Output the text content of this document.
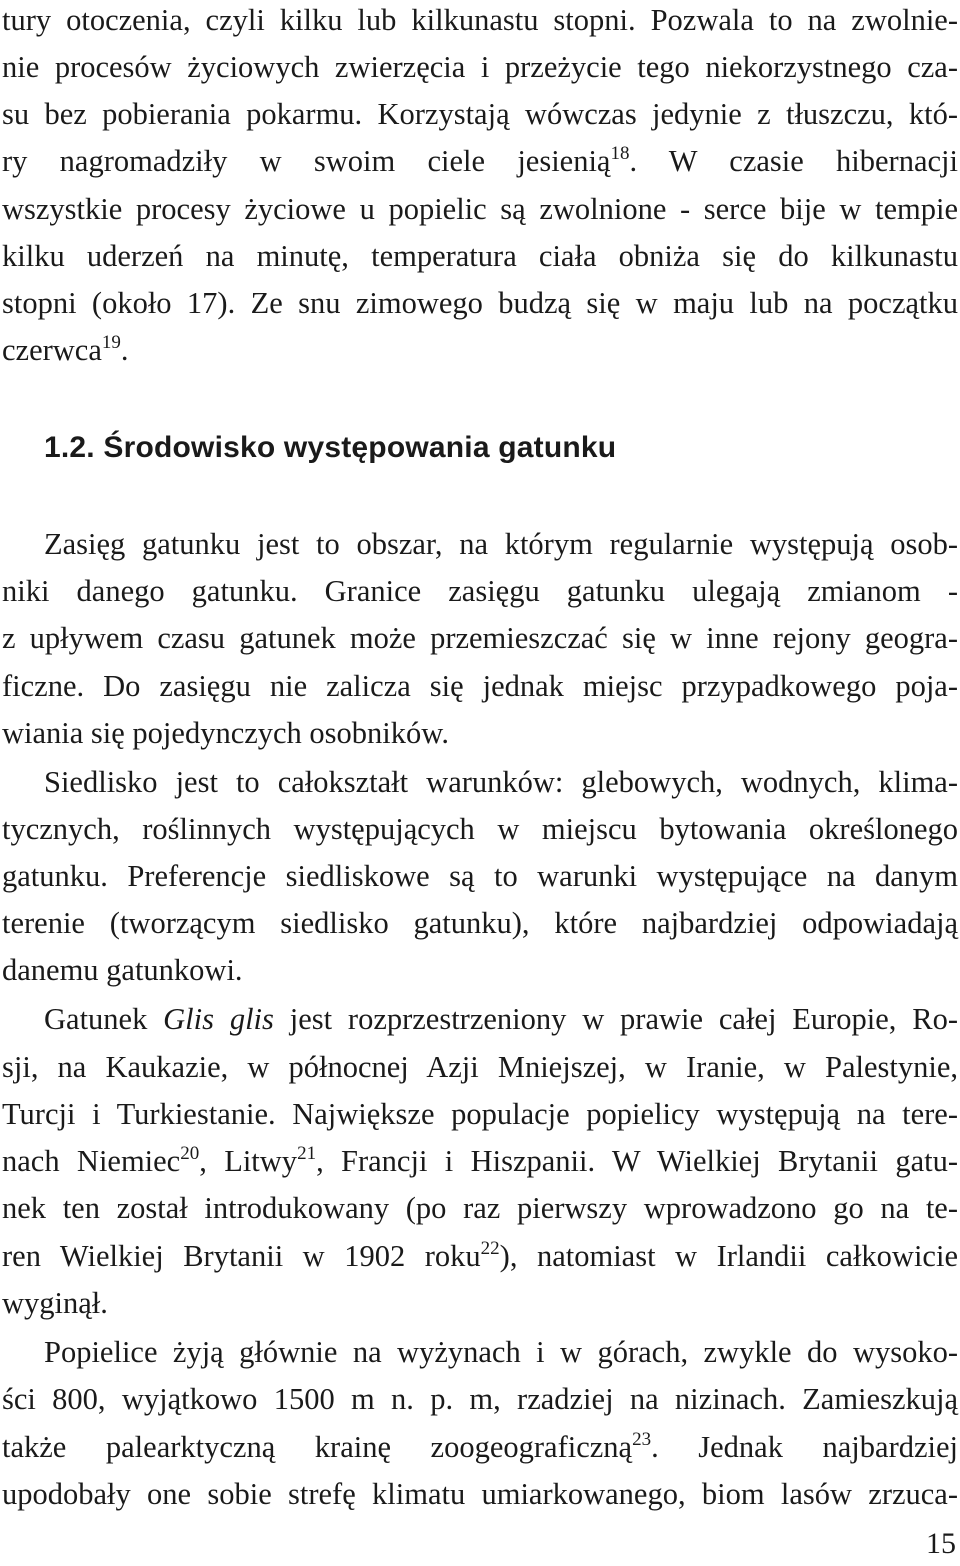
tury otoczenia, czyli kilku lub kilkunastu stopni. Pozwala to na zwolnie-
nie procesów życiowych zwierzęcia i przeżycie tego niekorzystnego cza-
su bez pobierania pokarmu. Korzystają wówczas jedynie z tłuszczu, któ-
ry nagromadziły w swoim ciele jesienią$^{18}$. W czasie hibernacji
wszystkie procesy życiowe u popielic są zwolnione - serce bije w tempie
kilku uderzeń na minutę, temperatura ciała obniża się do kilkunastu
stopni (około 17). Ze snu zimowego budzą się w maju lub na początku
czerwca$^{19}$.
1.2. Środowisko występowania gatunku
Zasięg gatunku jest to obszar, na którym regularnie występują osob-
niki danego gatunku. Granice zasięgu gatunku ulegają zmianom -
z upływem czasu gatunek może przemieszczać się w inne rejony geogra-
ficzne. Do zasięgu nie zalicza się jednak miejsc przypadkowego poja-
wiania się pojedynczych osobników.
Siedlisko jest to całokształt warunków: glebowych, wodnych, klima-
tycznych, roślinnych występujących w miejscu bytowania określonego
gatunku. Preferencje siedliskowe są to warunki występujące na danym
terenie (tworzącym siedlisko gatunku), które najbardziej odpowiadają
danemu gatunkowi.
Gatunek Glis glis jest rozprzestrzeniony w prawie całej Europie, Ro-
sji, na Kaukazie, w północnej Azji Mniejszej, w Iranie, w Palestynie,
Turcji i Turkiestanie. Największe populacje popielicy występują na tere-
nach Niemiec$^{20}$, Litwy$^{21}$, Francji i Hiszpanii. W Wielkiej Brytanii gatu-
nek ten został introdukowany (po raz pierwszy wprowadzono go na te-
ren Wielkiej Brytanii w 1902 roku$^{22}$), natomiast w Irlandii całkowicie
wyginął.
Popielice żyją głównie na wyżynach i w górach, zwykle do wysoko-
ści 800, wyjątkowo 1500 m n. p. m, rzadziej na nizinach. Zamieszkują
także palearktyczną krainę zoogeograficzną$^{23}$. Jednak najbardziej
upodobały one sobie strefę klimatu umiarkowanego, biom lasów zrzuca-
15
